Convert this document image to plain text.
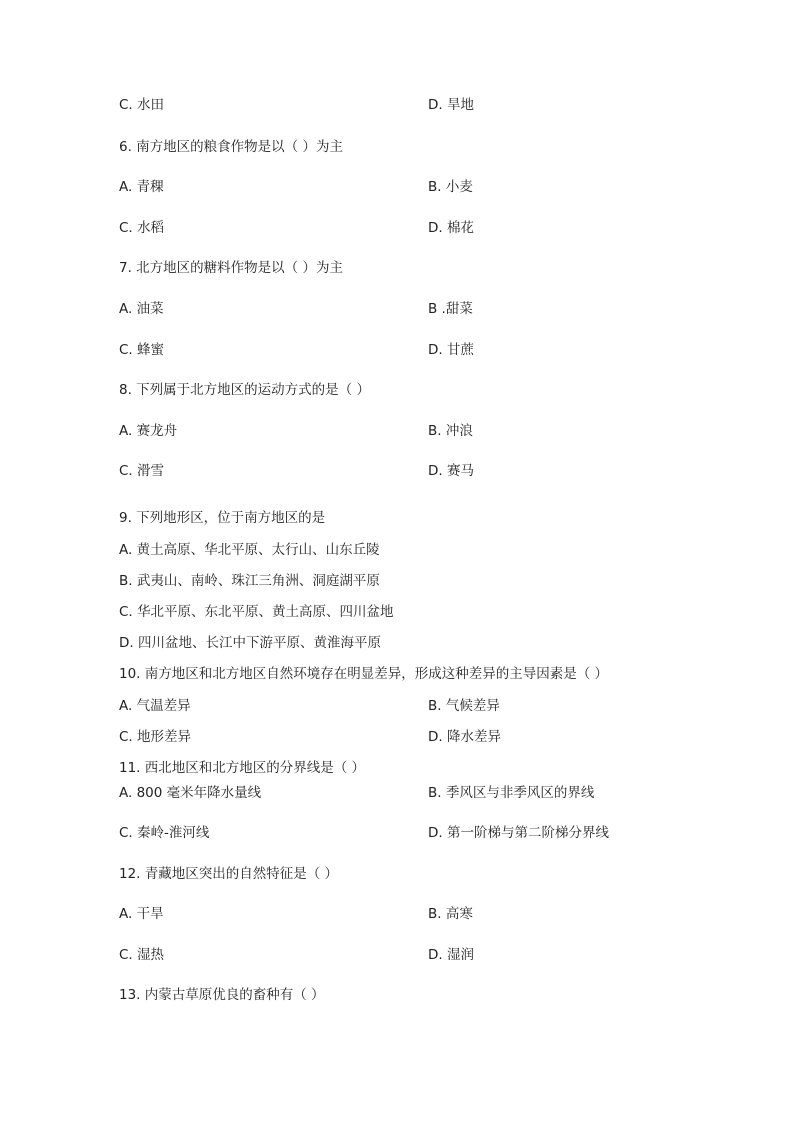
C. 水田	D. 旱地
6. 南方地区的粮食作物是以（ ）为主
A. 青稞	B. 小麦
C. 水稻	D. 棉花
7. 北方地区的糖料作物是以（ ）为主
A. 油菜	B .甜菜
C. 蜂蜜	D. 甘蔗
8. 下列属于北方地区的运动方式的是（ ）
A. 赛龙舟	B. 冲浪
C. 滑雪	D. 赛马
9. 下列地形区，位于南方地区的是
A. 黄土高原、华北平原、太行山、山东丘陵
B. 武夷山、南岭、珠江三角洲、洞庭湖平原
C. 华北平原、东北平原、黄土高原、四川盆地
D. 四川盆地、长江中下游平原、黄淮海平原
10. 南方地区和北方地区自然环境存在明显差异，形成这种差异的主导因素是（ ）
A. 气温差异	B. 气候差异
C. 地形差异	D. 降水差异
11. 西北地区和北方地区的分界线是（ ）
A. 800 毫米年降水量线	B. 季风区与非季风区的界线
C. 秦岭-淮河线	D. 第一阶梯与第二阶梯分界线
12. 青藏地区突出的自然特征是（ ）
A. 干旱	B. 高寒
C. 湿热	D. 湿润
13. 内蒙古草原优良的畜种有（ ）
